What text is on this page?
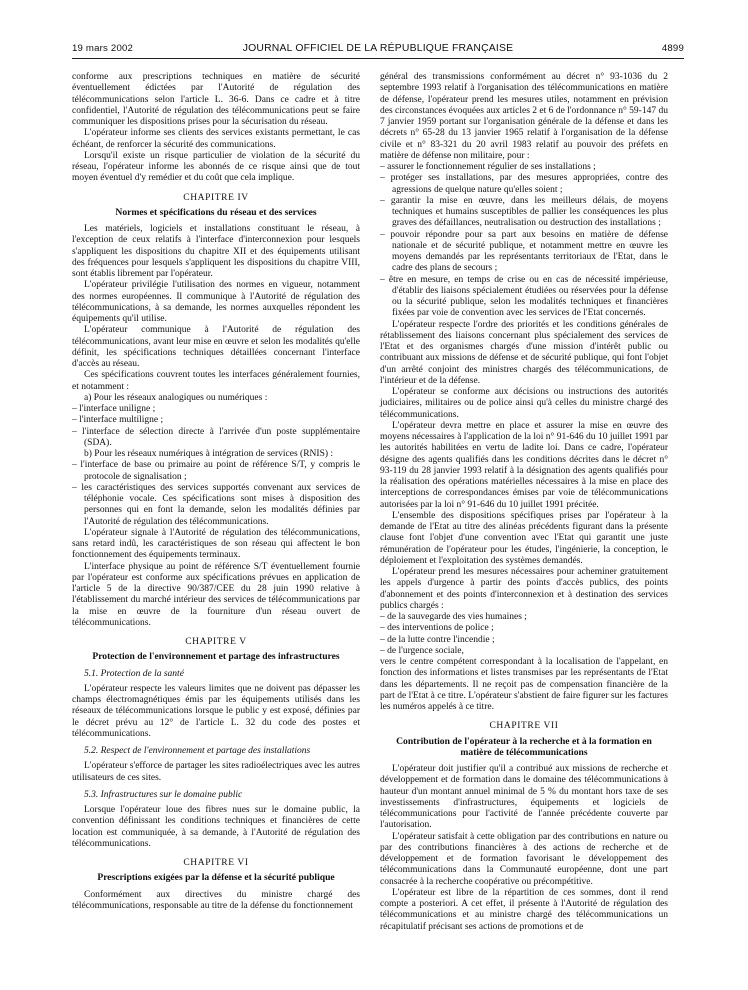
19 mars 2002	JOURNAL OFFICIEL DE LA RÉPUBLIQUE FRANÇAISE	4899
conforme aux prescriptions techniques en matière de sécurité éventuellement édictées par l'Autorité de régulation des télécommunications selon l'article L. 36-6. Dans ce cadre et à titre confidentiel, l'Autorité de régulation des télécommunications peut se faire communiquer les dispositions prises pour la sécurisation du réseau.
L'opérateur informe ses clients des services existants permettant, le cas échéant, de renforcer la sécurité des communications.
Lorsqu'il existe un risque particulier de violation de la sécurité du réseau, l'opérateur informe les abonnés de ce risque ainsi que de tout moyen éventuel d'y remédier et du coût que cela implique.
CHAPITRE IV
Normes et spécifications du réseau et des services
Les matériels, logiciels et installations constituant le réseau, à l'exception de ceux relatifs à l'interface d'interconnexion pour lesquels s'appliquent les dispositions du chapitre XII et des équipements utilisant des fréquences pour lesquels s'appliquent les dispositions du chapitre VIII, sont établis librement par l'opérateur.
L'opérateur privilégie l'utilisation des normes en vigueur, notamment des normes européennes. Il communique à l'Autorité de régulation des télécommunications, à sa demande, les normes auxquelles répondent les équipements qu'il utilise.
L'opérateur communique à l'Autorité de régulation des télécommunications, avant leur mise en œuvre et selon les modalités qu'elle définit, les spécifications techniques détaillées concernant l'interface d'accès au réseau.
Ces spécifications couvrent toutes les interfaces généralement fournies, et notamment :
a) Pour les réseaux analogiques ou numériques :
– l'interface uniligne ;
– l'interface multiligne ;
– l'interface de sélection directe à l'arrivée d'un poste supplémentaire (SDA).
b) Pour les réseaux numériques à intégration de services (RNIS) :
– l'interface de base ou primaire au point de référence S/T, y compris le protocole de signalisation ;
– les caractéristiques des services supportés convenant aux services de téléphonie vocale. Ces spécifications sont mises à disposition des personnes qui en font la demande, selon les modalités définies par l'Autorité de régulation des télécommunications.
L'opérateur signale à l'Autorité de régulation des télécommunications, sans retard indû, les caractéristiques de son réseau qui affectent le bon fonctionnement des équipements terminaux.
L'interface physique au point de référence S/T éventuellement fournie par l'opérateur est conforme aux spécifications prévues en application de l'article 5 de la directive 90/387/CEE du 28 juin 1990 relative à l'établissement du marché intérieur des services de télécommunications par la mise en œuvre de la fourniture d'un réseau ouvert de télécommunications.
CHAPITRE V
Protection de l'environnement et partage des infrastructures
5.1. Protection de la santé
L'opérateur respecte les valeurs limites que ne doivent pas dépasser les champs électromagnétiques émis par les équipements utilisés dans les réseaux de télécommunications lorsque le public y est exposé, définies par le décret prévu au 12° de l'article L. 32 du code des postes et télécommunications.
5.2. Respect de l'environnement et partage des installations
L'opérateur s'efforce de partager les sites radioélectriques avec les autres utilisateurs de ces sites.
5.3. Infrastructures sur le domaine public
Lorsque l'opérateur loue des fibres nues sur le domaine public, la convention définissant les conditions techniques et financières de cette location est communiquée, à sa demande, à l'Autorité de régulation des télécommunications.
CHAPITRE VI
Prescriptions exigées par la défense et la sécurité publique
Conformément aux directives du ministre chargé des télécommunications, responsable au titre de la défense du fonctionnement
général des transmissions conformément au décret n° 93-1036 du 2 septembre 1993 relatif à l'organisation des télécommunications en matière de défense, l'opérateur prend les mesures utiles, notamment en prévision des circonstances évoquées aux articles 2 et 6 de l'ordonnance n° 59-147 du 7 janvier 1959 portant sur l'organisation générale de la défense et dans les décrets n° 65-28 du 13 janvier 1965 relatif à l'organisation de la défense civile et n° 83-321 du 20 avril 1983 relatif au pouvoir des préfets en matière de défense non militaire, pour :
– assurer le fonctionnement régulier de ses installations ;
– protéger ses installations, par des mesures appropriées, contre des agressions de quelque nature qu'elles soient ;
– garantir la mise en œuvre, dans les meilleurs délais, de moyens techniques et humains susceptibles de pallier les conséquences les plus graves des défaillances, neutralisation ou destruction des installations ;
– pouvoir répondre pour sa part aux besoins en matière de défense nationale et de sécurité publique, et notamment mettre en œuvre les moyens demandés par les représentants territoriaux de l'Etat, dans le cadre des plans de secours ;
– être en mesure, en temps de crise ou en cas de nécessité impérieuse, d'établir des liaisons spécialement étudiées ou réservées pour la défense ou la sécurité publique, selon les modalités techniques et financières fixées par voie de convention avec les services de l'Etat concernés.
L'opérateur respecte l'ordre des priorités et les conditions générales de rétablissement des liaisons concernant plus spécialement des services de l'Etat et des organismes chargés d'une mission d'intérêt public ou contribuant aux missions de défense et de sécurité publique, qui font l'objet d'un arrêté conjoint des ministres chargés des télécommunications, de l'intérieur et de la défense.
L'opérateur se conforme aux décisions ou instructions des autorités judiciaires, militaires ou de police ainsi qu'à celles du ministre chargé des télécommunications.
L'opérateur devra mettre en place et assurer la mise en œuvre des moyens nécessaires à l'application de la loi n° 91-646 du 10 juillet 1991 par les autorités habilitées en vertu de ladite loi. Dans ce cadre, l'opérateur désigne des agents qualifiés dans les conditions décrites dans le décret n° 93-119 du 28 janvier 1993 relatif à la désignation des agents qualifiés pour la réalisation des opérations matérielles nécessaires à la mise en place des interceptions de correspondances émises par voie de télécommunications autorisées par la loi n° 91-646 du 10 juillet 1991 précitée.
L'ensemble des dispositions spécifiques prises par l'opérateur à la demande de l'Etat au titre des alinéas précédents figurant dans la présente clause font l'objet d'une convention avec l'Etat qui garantit une juste rémunération de l'opérateur pour les études, l'ingénierie, la conception, le déploiement et l'exploitation des systèmes demandés.
L'opérateur prend les mesures nécessaires pour acheminer gratuitement les appels d'urgence à partir des points d'accès publics, des points d'abonnement et des points d'interconnexion et à destination des services publics chargés :
– de la sauvegarde des vies humaines ;
– des interventions de police ;
– de la lutte contre l'incendie ;
– de l'urgence sociale,
vers le centre compétent correspondant à la localisation de l'appelant, en fonction des informations et listes transmises par les représentants de l'Etat dans les départements. Il ne reçoit pas de compensation financière de la part de l'Etat à ce titre. L'opérateur s'abstient de faire figurer sur les factures les numéros appelés à ce titre.
CHAPITRE VII
Contribution de l'opérateur à la recherche et à la formation en matière de télécommunications
L'opérateur doit justifier qu'il a contribué aux missions de recherche et développement et de formation dans le domaine des télécommunications à hauteur d'un montant annuel minimal de 5 % du montant hors taxe de ses investissements d'infrastructures, équipements et logiciels de télécommunications pour l'activité de l'année précédente couverte par l'autorisation.
L'opérateur satisfait à cette obligation par des contributions en nature ou par des contributions financières à des actions de recherche et de développement et de formation favorisant le développement des télécommunications dans la Communauté européenne, dont une part consacrée à la recherche coopérative ou précompétitive.
L'opérateur est libre de la répartition de ces sommes, dont il rend compte a posteriori. A cet effet, il présente à l'Autorité de régulation des télécommunications et au ministre chargé des télécommunications un récapitulatif précisant ses actions de promotions et de
